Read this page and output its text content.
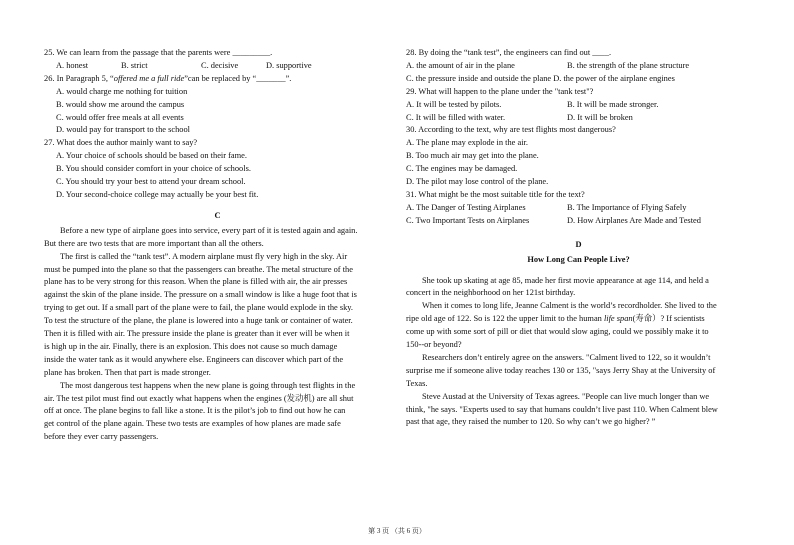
25. We can learn from the passage that the parents were _________.
A. honest	B. strict	C. decisive	D. supportive
26. In Paragraph 5, “offered me a full ride”can be replaced by “_______”.
A. would charge me nothing for tuition
B. would show me around the campus
C. would offer free meals at all events
D. would pay for transport to the school
27. What does the author mainly want to say?
A. Your choice of schools should be based on their fame.
B. You should consider comfort in your choice of schools.
C. You should try your best to attend your dream school.
D. Your second-choice college may actually be your best fit.
C
Before a new type of airplane goes into service, every part of it is tested again and again.
But there are two tests that are more important than all the others.
The first is called the “tank test”. A modern airplane must fly very high in the sky. Air
must be pumped into the plane so that the passengers can breathe. The metal structure of the
plane has to be very strong for this reason. When the plane is filled with air, the air presses
against the skin of the plane inside. The pressure on a small window is like a huge foot that is
trying to get out. If a small part of the plane were to fail, the plane would explode in the sky.
To test the structure of the plane, the plane is lowered into a huge tank or container of water.
Then it is filled with air. The pressure inside the plane is greater than it ever will be when it
is high up in the air. Finally, there is an explosion. This does not cause so much damage
inside the water tank as it would anywhere else. Engineers can discover which part of the
plane has broken. Then that part is made stronger.
The most dangerous test happens when the new plane is going through test flights in the
air. The test pilot must find out exactly what happens when the engines (发动机) are all shut
off at once. The plane begins to fall like a stone. It is the pilot’s job to find out how he can
get control of the plane again. These two tests are examples of how planes are made safe
before they ever carry passengers.
28. By doing the “tank test”, the engineers can find out ____.
A. the amount of air in the plane	B. the strength of the plane structure
C. the pressure inside and outside the plane D. the power of the airplane engines
29. What will happen to the plane under the "tank test"?
A. It will be tested by pilots.	B. It will be made stronger.
C. It will be filled with water.	D. It will be broken
30. According to the text, why are test flights most dangerous?
A. The plane may explode in the air.
B. Too much air may get into the plane.
C. The engines may be damaged.
D. The pilot may lose control of the plane.
31. What might be the most suitable title for the text?
A. The Danger of Testing Airplanes	B. The Importance of Flying Safely
C. Two Important Tests on Airplanes	D. How Airplanes Are Made and Tested
D
How Long Can People Live?
She took up skating at age 85, made her first movie appearance at age 114, and held a
concert in the neighborhood on her 121st birthday.
When it comes to long life, Jeanne Calment is the world’s recordholder. She lived to the
ripe old age of 122. So is 122 the upper limit to the human life span(寿命）? If scientists
come up with some sort of pill or diet that would slow aging, could we possibly make it to
150--or beyond?
Researchers don’t entirely agree on the answers. "Calment lived to 122, so it wouldn’t
surprise me if someone alive today reaches 130 or 135, "says Jerry Shay at the University of
Texas.
Steve Austad at the University of Texas agrees. "People can live much longer than we
think, "he says. "Experts used to say that humans couldn’t live past 110. When Calment blew
past that age, they raised the number to 120. So why can’t we go higher? ”
第 3 页 （共 6 页）
